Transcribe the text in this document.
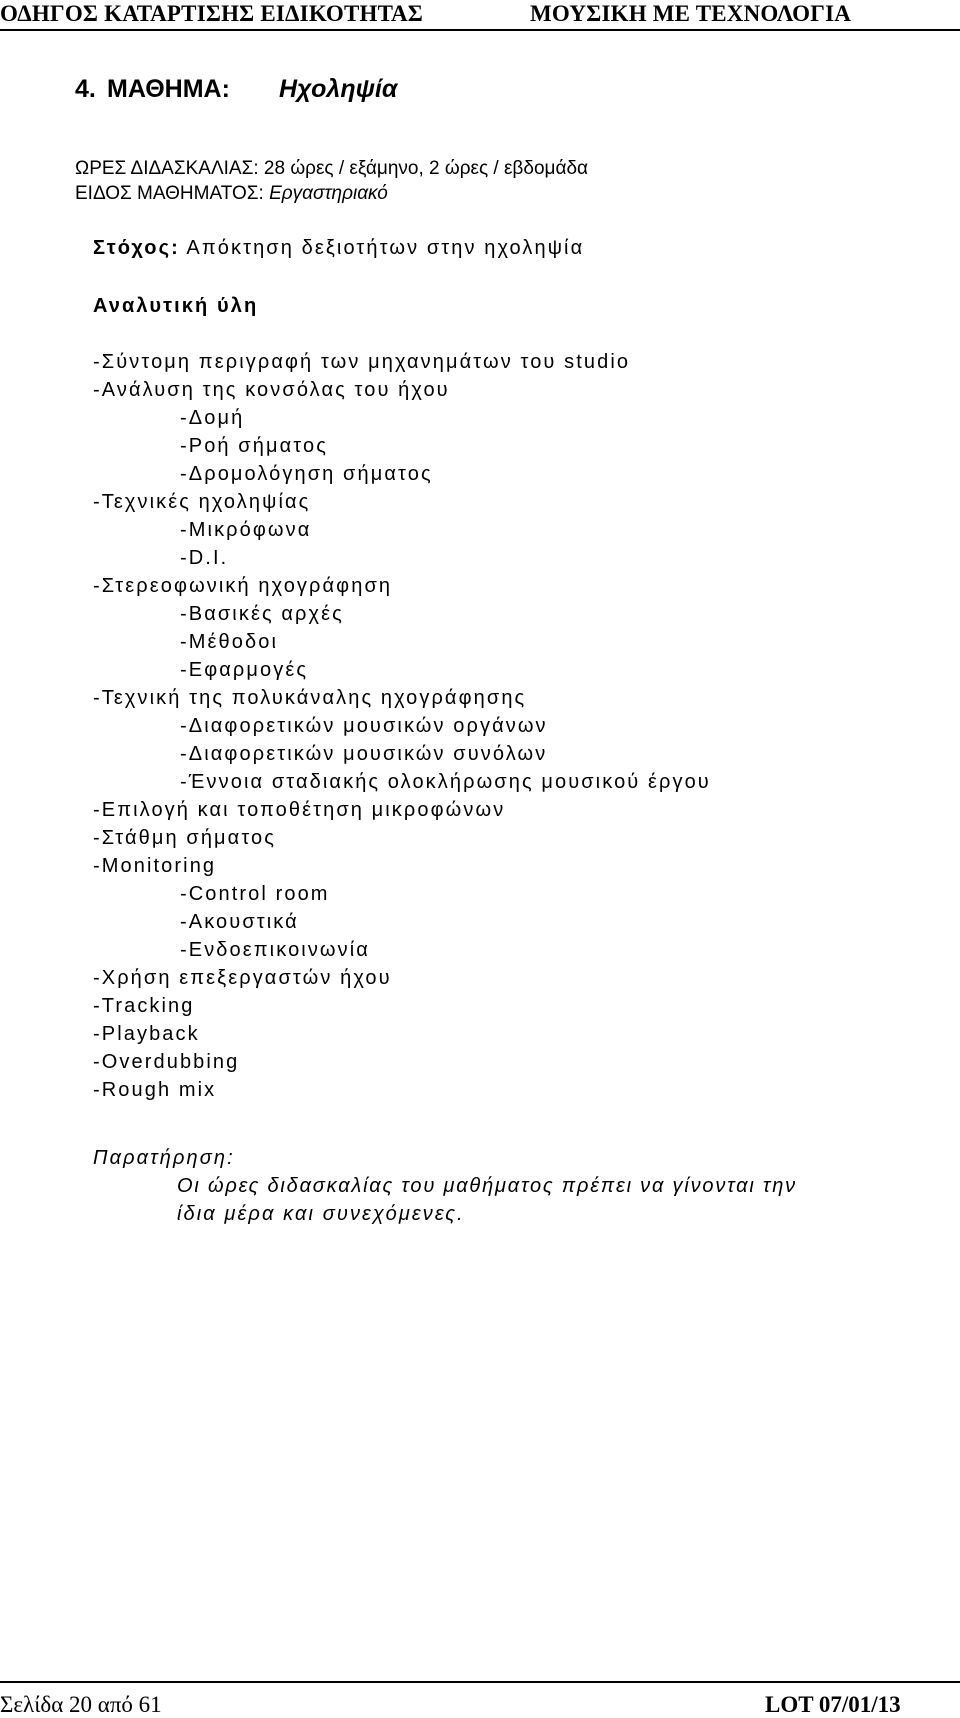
ΟΔΗΓΟΣ ΚΑΤΑΡΤΙΣΗΣ ΕΙΔΙΚΟΤΗΤΑΣ	ΜΟΥΣΙΚΗ ΜΕ ΤΕΧΝΟΛΟΓΙΑ
4. ΜΑΘΗΜΑ: Ηχοληψία
ΩΡΕΣ ΔΙΔΑΣΚΑΛΙΑΣ: 28 ώρες / εξάμηνο, 2 ώρες / εβδομάδα
ΕΙΔΟΣ ΜΑΘΗΜΑΤΟΣ: Εργαστηριακό
Στόχος: Απόκτηση δεξιοτήτων στην ηχοληψία
Αναλυτική ύλη
-Σύντομη περιγραφή των μηχανημάτων του studio
-Ανάλυση της κονσόλας του ήχου
-Δομή
-Ροή σήματος
-Δρομολόγηση σήματος
-Τεχνικές ηχοληψίας
-Μικρόφωνα
-D.I.
-Στερεοφωνική ηχογράφηση
-Βασικές αρχές
-Μέθοδοι
-Εφαρμογές
-Τεχνική της πολυκάναλης ηχογράφησης
-Διαφορετικών μουσικών οργάνων
-Διαφορετικών μουσικών συνόλων
-Έννοια σταδιακής ολοκλήρωσης μουσικού έργου
-Επιλογή και τοποθέτηση μικροφώνων
-Στάθμη σήματος
-Monitoring
-Control room
-Ακουστικά
-Ενδοεπικοινωνία
-Χρήση επεξεργαστών ήχου
-Tracking
-Playback
-Overdubbing
-Rough mix
Παρατήρηση:
Οι ώρες διδασκαλίας του μαθήματος πρέπει να γίνονται την
ίδια μέρα και συνεχόμενες.
Σελίδα 20 από 61	LOT 07/01/13
